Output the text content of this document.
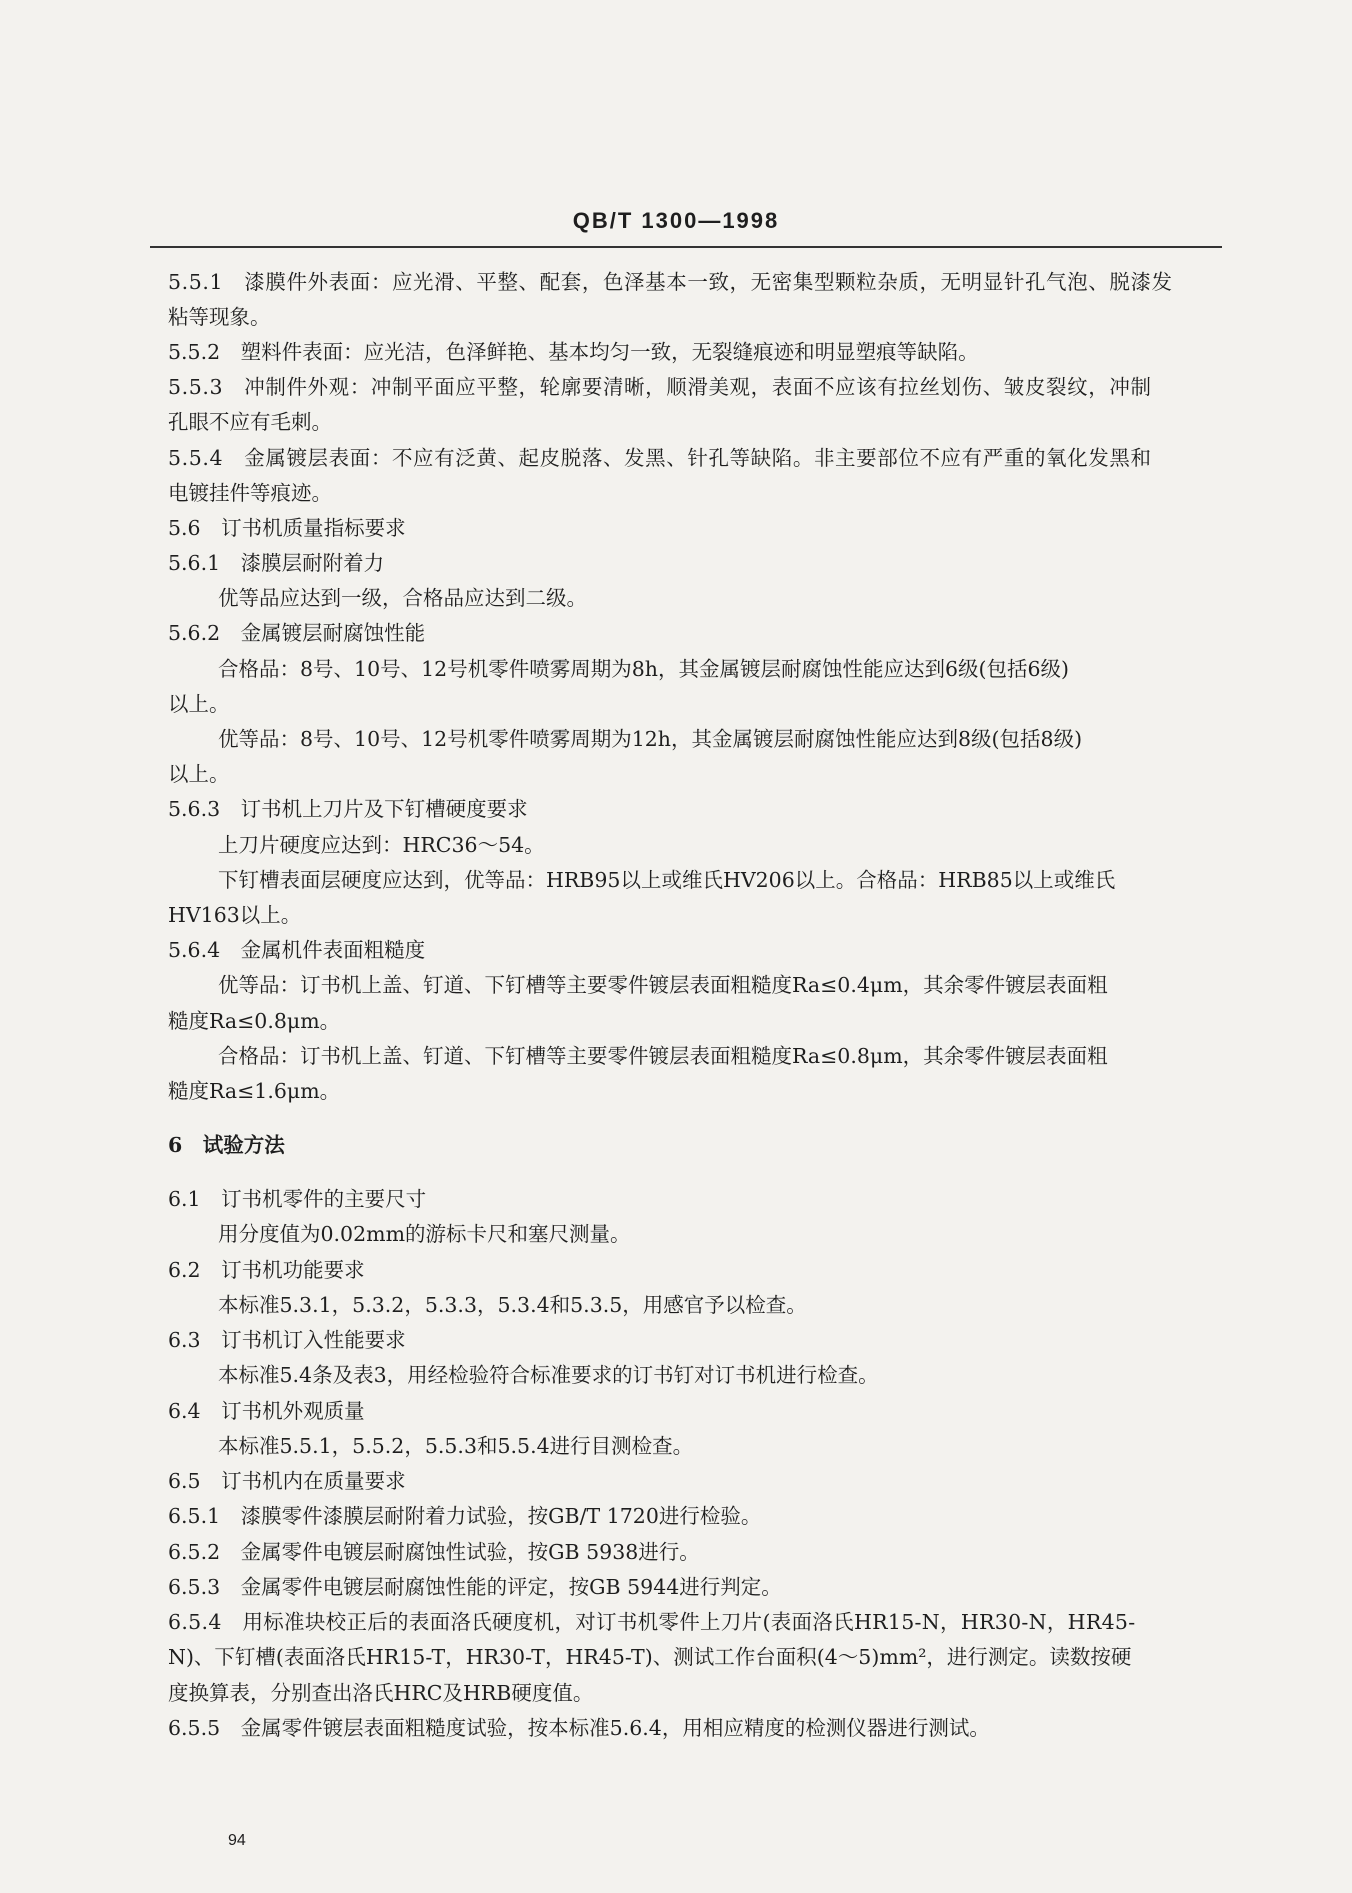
QB/T 1300—1998
5.5.1　漆膜件外表面：应光滑、平整、配套，色泽基本一致，无密集型颗粒杂质，无明显针孔气泡、脱漆发
粘等现象。
5.5.2　塑料件表面：应光洁，色泽鲜艳、基本均匀一致，无裂缝痕迹和明显塑痕等缺陷。
5.5.3　冲制件外观：冲制平面应平整，轮廓要清晰，顺滑美观，表面不应该有拉丝划伤、皱皮裂纹，冲制
孔眼不应有毛刺。
5.5.4　金属镀层表面：不应有泛黄、起皮脱落、发黑、针孔等缺陷。非主要部位不应有严重的氧化发黑和
电镀挂件等痕迹。
5.6　订书机质量指标要求
5.6.1　漆膜层耐附着力
优等品应达到一级，合格品应达到二级。
5.6.2　金属镀层耐腐蚀性能
合格品：8号、10号、12号机零件喷雾周期为8h，其金属镀层耐腐蚀性能应达到6级(包括6级)
以上。
优等品：8号、10号、12号机零件喷雾周期为12h，其金属镀层耐腐蚀性能应达到8级(包括8级)
以上。
5.6.3　订书机上刀片及下钉槽硬度要求
上刀片硬度应达到：HRC36～54。
下钉槽表面层硬度应达到，优等品：HRB95以上或维氏HV206以上。合格品：HRB85以上或维氏
HV163以上。
5.6.4　金属机件表面粗糙度
优等品：订书机上盖、钉道、下钉槽等主要零件镀层表面粗糙度Ra≤0.4μm，其余零件镀层表面粗
糙度Ra≤0.8μm。
合格品：订书机上盖、钉道、下钉槽等主要零件镀层表面粗糙度Ra≤0.8μm，其余零件镀层表面粗
糙度Ra≤1.6μm。
6　试验方法
6.1　订书机零件的主要尺寸
用分度值为0.02mm的游标卡尺和塞尺测量。
6.2　订书机功能要求
本标准5.3.1，5.3.2，5.3.3，5.3.4和5.3.5，用感官予以检查。
6.3　订书机订入性能要求
本标准5.4条及表3，用经检验符合标准要求的订书钉对订书机进行检查。
6.4　订书机外观质量
本标准5.5.1，5.5.2，5.5.3和5.5.4进行目测检查。
6.5　订书机内在质量要求
6.5.1　漆膜零件漆膜层耐附着力试验，按GB/T 1720进行检验。
6.5.2　金属零件电镀层耐腐蚀性试验，按GB 5938进行。
6.5.3　金属零件电镀层耐腐蚀性能的评定，按GB 5944进行判定。
6.5.4　用标准块校正后的表面洛氏硬度机，对订书机零件上刀片(表面洛氏HR15-N，HR30-N，HR45-
N)、下钉槽(表面洛氏HR15-T，HR30-T，HR45-T)、测试工作台面积(4～5)mm²，进行测定。读数按硬
度换算表，分别查出洛氏HRC及HRB硬度值。
6.5.5　金属零件镀层表面粗糙度试验，按本标准5.6.4，用相应精度的检测仪器进行测试。
94
